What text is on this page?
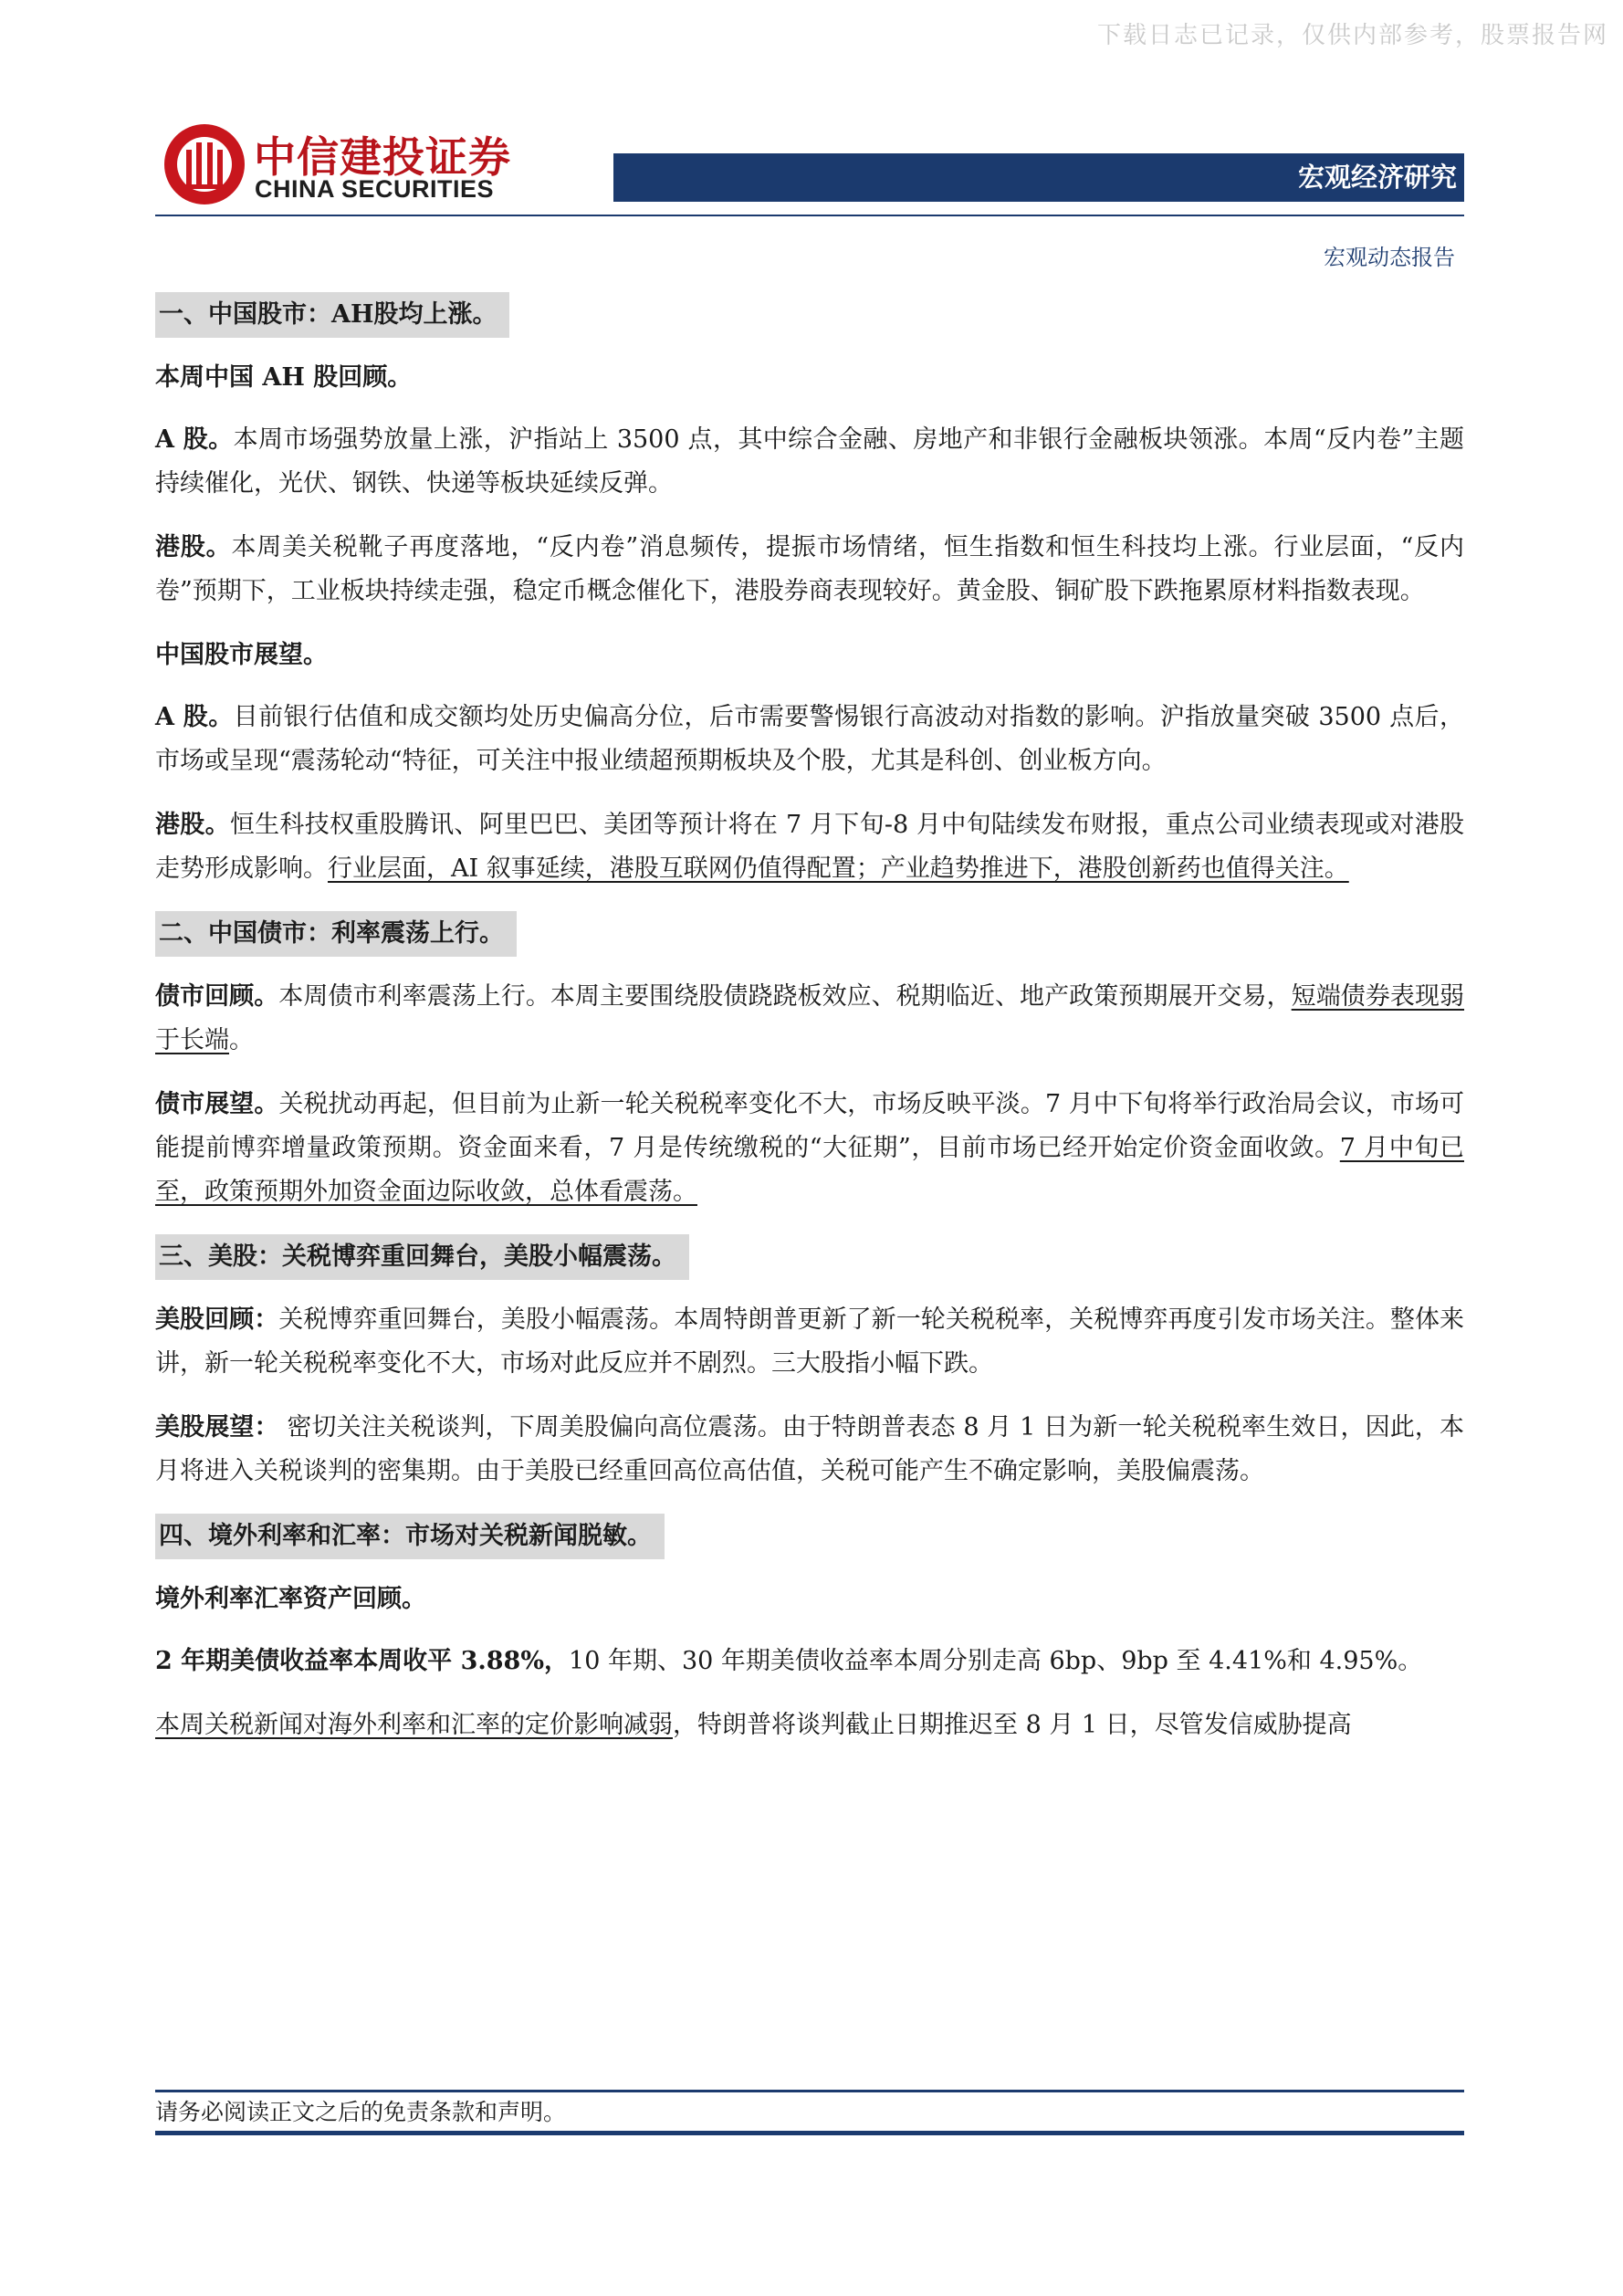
下载日志已记录，仅供内部参考，股票报告网
中信建投证券
CHINA SECURITIES	宏观经济研究
宏观动态报告
一、中国股市：AH股均上涨。
本周中国 AH 股回顾。

A 股。本周市场强势放量上涨，沪指站上 3500 点，其中综合金融、房地产和非银行金融板块领涨。本周“反内卷”主题持续催化，光伏、钢铁、快递等板块延续反弹。

港股。本周美关税靴子再度落地，“反内卷”消息频传，提振市场情绪，恒生指数和恒生科技均上涨。行业层面，“反内卷”预期下，工业板块持续走强，稳定币概念催化下，港股券商表现较好。黄金股、铜矿股下跌拖累原材料指数表现。

中国股市展望。

A 股。目前银行估值和成交额均处历史偏高分位，后市需要警惕银行高波动对指数的影响。沪指放量突破 3500 点后，市场或呈现“震荡轮动“特征，可关注中报业绩超预期板块及个股，尤其是科创、创业板方向。

港股。恒生科技权重股腾讯、阿里巴巴、美团等预计将在 7 月下旬-8 月中旬陆续发布财报，重点公司业绩表现或对港股走势形成影响。行业层面，AI 叙事延续，港股互联网仍值得配置；产业趋势推进下，港股创新药也值得关注。

二、中国债市：利率震荡上行。

债市回顾。本周债市利率震荡上行。本周主要围绕股债跷跷板效应、税期临近、地产政策预期展开交易，短端债券表现弱于长端。

债市展望。关税扰动再起，但目前为止新一轮关税税率变化不大，市场反映平淡。7 月中下旬将举行政治局会议，市场可能提前博弈增量政策预期。资金面来看，7 月是传统缴税的“大征期”，目前市场已经开始定价资金面收敛。7 月中旬已至，政策预期外加资金面边际收敛，总体看震荡。

三、美股：关税博弈重回舞台，美股小幅震荡。

美股回顾：关税博弈重回舞台，美股小幅震荡。本周特朗普更新了新一轮关税税率，关税博弈再度引发市场关注。整体来讲，新一轮关税税率变化不大，市场对此反应并不剧烈。三大股指小幅下跌。

美股展望： 密切关注关税谈判，下周美股偏向高位震荡。由于特朗普表态 8 月 1 日为新一轮关税税率生效日，因此，本月将进入关税谈判的密集期。由于美股已经重回高位高估值，关税可能产生不确定影响，美股偏震荡。

四、境外利率和汇率：市场对关税新闻脱敏。
境外利率汇率资产回顾。

2 年期美债收益率本周收平 3.88%，10 年期、30 年期美债收益率本周分别走高 6bp、9bp 至 4.41%和 4.95%。

本周关税新闻对海外利率和汇率的定价影响减弱，特朗普将谈判截止日期推迟至 8 月 1 日，尽管发信威胁提高

请务必阅读正文之后的免责条款和声明。
